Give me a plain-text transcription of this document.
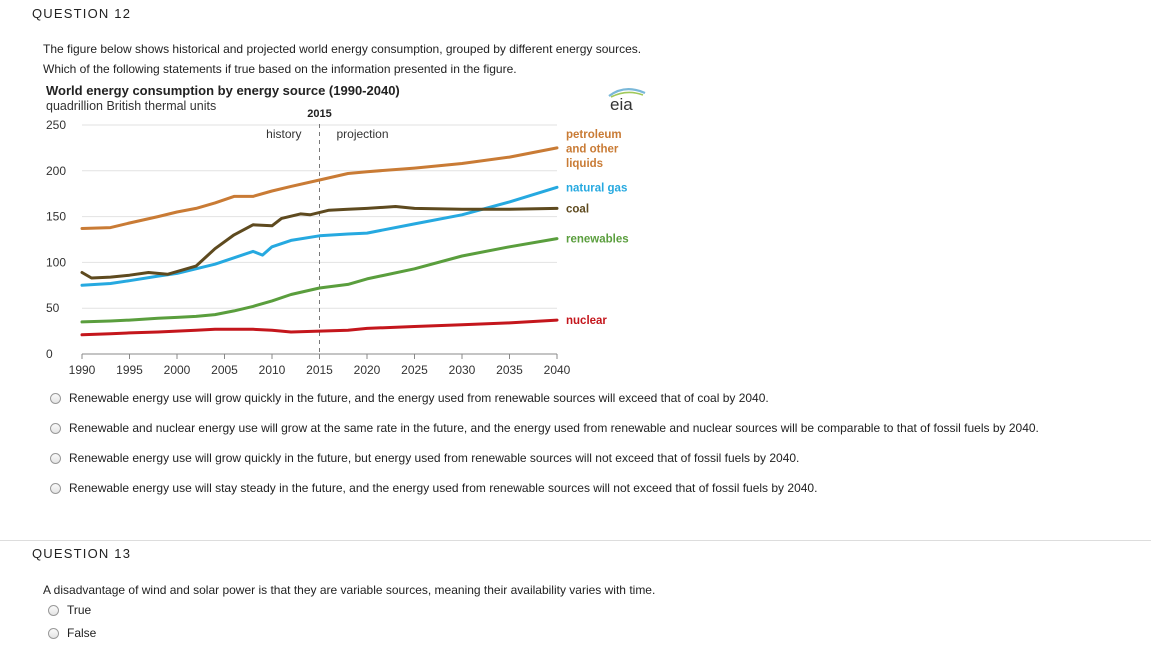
QUESTION 12
The figure below shows historical and projected world energy consumption, grouped by different energy sources.
Which of the following statements if true based on the information presented in the figure.
World energy consumption by energy source (1990-2040)
quadrillion British thermal units	eia
0
50
100
150
200
250
1990 1995 2000 2005 2010 2015 2020 2025 2030 2035 2040
2015
history	projection	petroleum and other liquids
natural gas
coal
renewables
nuclear
Renewable energy use will grow quickly in the future, and the energy used from renewable sources will exceed that of coal by 2040.
Renewable and nuclear energy use will grow at the same rate in the future, and the energy used from renewable and nuclear sources will be comparable to that of fossil fuels by 2040.
Renewable energy use will grow quickly in the future, but energy used from renewable sources will not exceed that of fossil fuels by 2040.
Renewable energy use will stay steady in the future, and the energy used from renewable sources will not exceed that of fossil fuels by 2040.
QUESTION 13
A disadvantage of wind and solar power is that they are variable sources, meaning their availability varies with time.
True
False
